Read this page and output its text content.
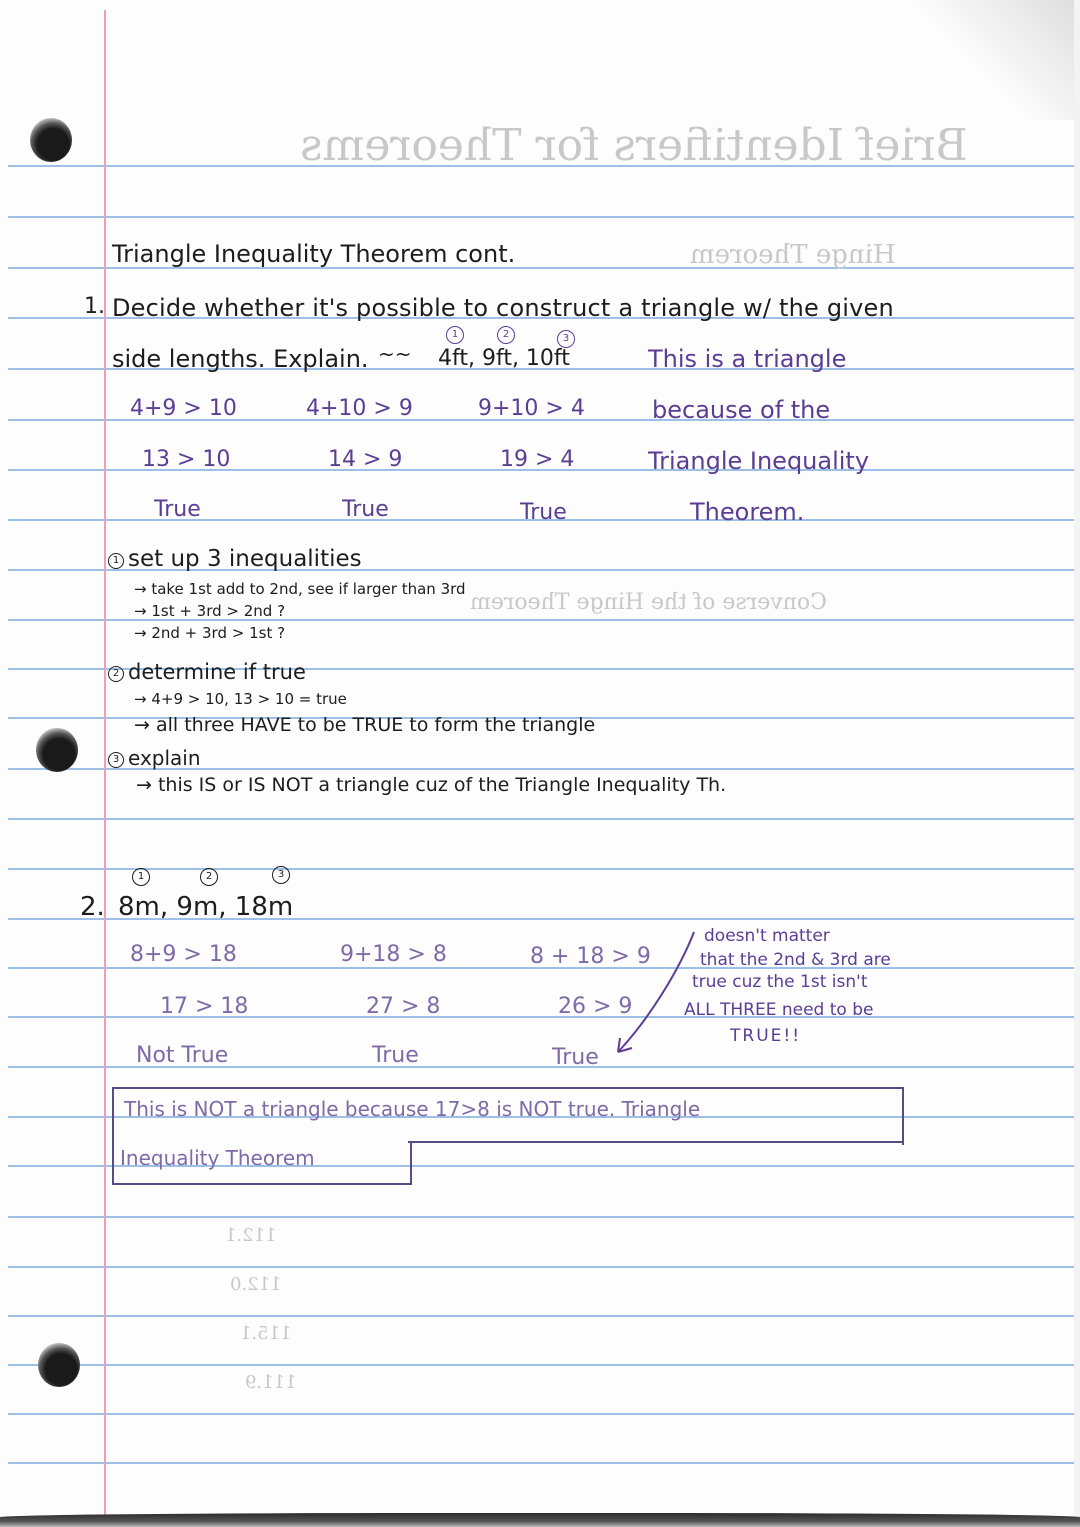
Brief Identifiers for Theorems
Hinge Theorem
Converse of the Hinge Theorem
112.1
112.0
115.1
111.9
Triangle Inequality Theorem cont.
1. Decide whether it's possible to construct a triangle w/ the given
side lengths. Explain. ~~
1	2	3
4ft, 9ft, 10ft
4+9 > 10	4+10 > 9	9+10 > 4
13 > 10	14 > 9	19 > 4
True	True	True
This is a triangle
because of the
Triangle Inequality
Theorem.
1 set up 3 inequalities
→ take 1st add to 2nd, see if larger than 3rd
→ 1st + 3rd > 2nd ?
→ 2nd + 3rd > 1st ?
2 determine if true
→ 4+9 > 10, 13 > 10 = true
→ all three HAVE to be TRUE to form the triangle
3 explain
→ this IS or IS NOT a triangle cuz of the Triangle Inequality Th.
1	2	3
2. 8m, 9m, 18m
8+9 > 18	9+18 > 8	8 + 18 > 9
17 > 18	27 > 8	26 > 9
Not True	True	True
doesn't matter
that the 2nd & 3rd are
true cuz the 1st isn't
ALL THREE need to be
TRUE!!
This is NOT a triangle because 17>8 is NOT true. Triangle
Inequality Theorem
